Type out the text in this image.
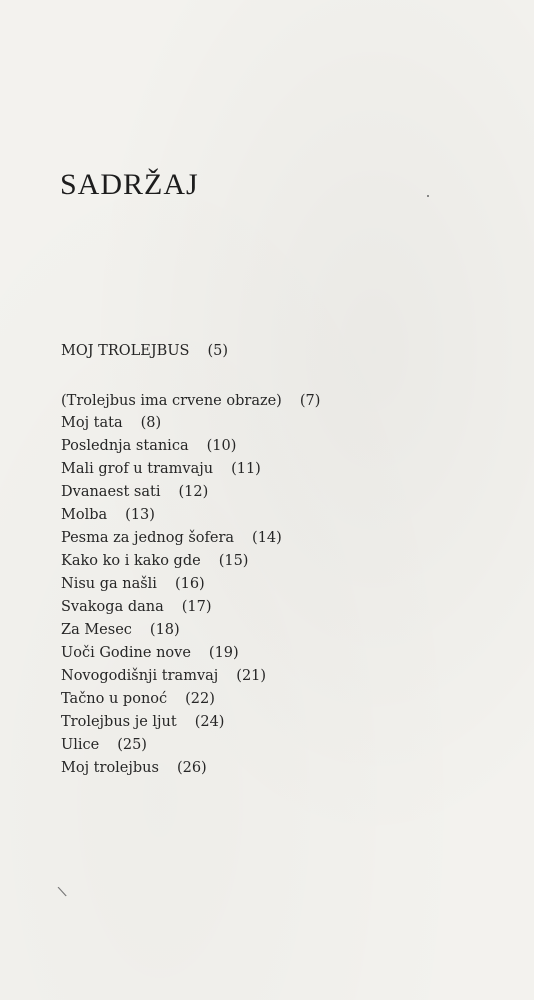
SADRŽAJ
MOJ TROLEJBUS (5)
(Trolejbus ima crvene obraze) (7)
Moj tata (8)
Poslednja stanica (10)
Mali grof u tramvaju (11)
Dvanaest sati (12)
Molba (13)
Pesma za jednog šofera (14)
Kako ko i kako gde (15)
Nisu ga našli (16)
Svakoga dana (17)
Za Mesec (18)
Uoči Godine nove (19)
Novogodišnji tramvaj (21)
Tačno u ponoć (22)
Trolejbus je ljut (24)
Ulice (25)
Moj trolejbus (26)
\
